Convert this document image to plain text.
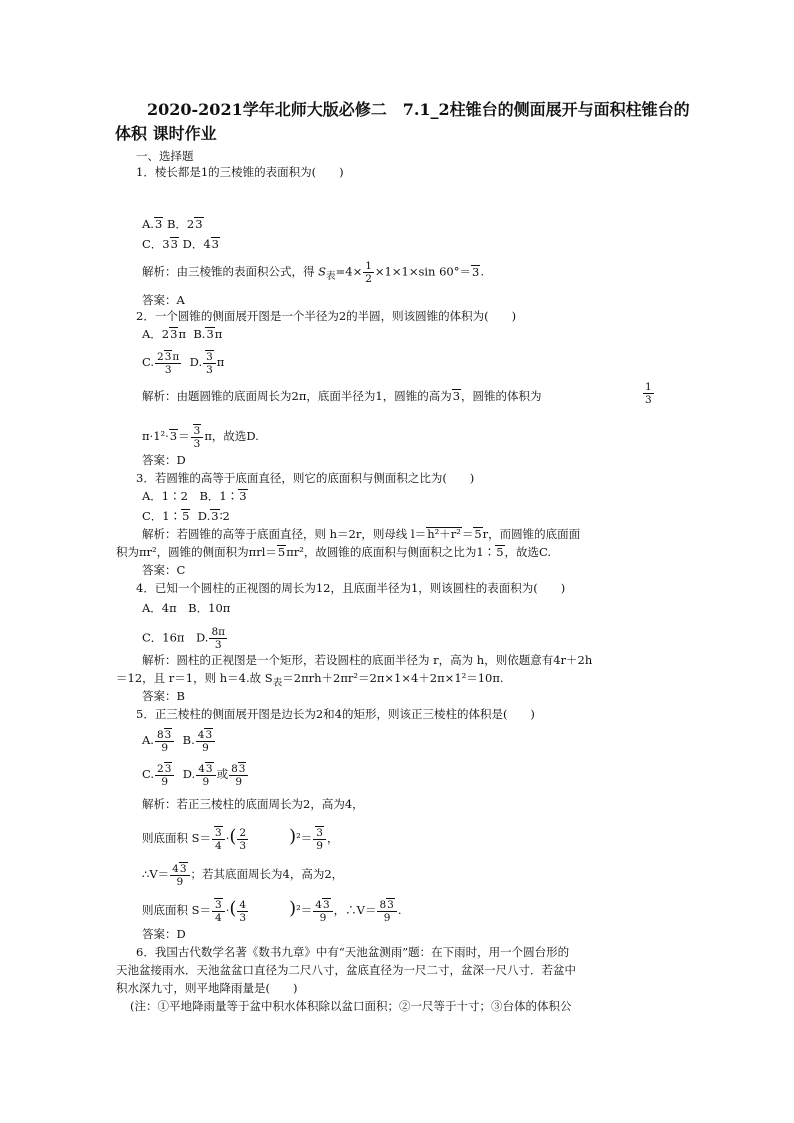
2020-2021学年北师大版必修二　7.1_2柱锥台的侧面展开与面积柱锥台的体积 课时作业
一、选择题
1．棱长都是1的三棱锥的表面积为(　　)
A.3 B．23
C．33 D．43
解析：由三棱锥的表面积公式，得 $S_表=4\times \frac{1}{2} \times 1\times 1\times\sin$ 60°＝3.
答案：A
2．一个圆锥的侧面展开图是一个半径为2的半圆，则该圆锥的体积为(　　)
A．23π B.3π
C. $\frac{23\pi}{3} D$. $\frac{3}{3}$ π
解析：由题圆锥的底面周长为2π，底面半径为1，圆锥的高为3，圆锥的体积为	$\frac{1}{3}$
$\pi\cdot 1^2\cdot 3= \frac{3}{3}$ π，故选D.
答案：D
3．若圆锥的高等于底面直径，则它的底面积与侧面积之比为(　　)
A．1∶2　B．1∶3
C．1∶5 D.3∶2
解析：若圆锥的高等于底面直径，则 h＝2r，则母线 l＝h²＋r²＝5r，而圆锥的底面面
积为πr²，圆锥的侧面积为πrl＝5πr²，故圆锥的底面积与侧面积之比为1∶5，故选C.
答案：C
4．已知一个圆柱的正视图的周长为12，且底面半径为1，则该圆柱的表面积为(　　)
A．4π　B．10π
C．16π　D. $\frac{8\pi}{3}$
解析：圆柱的正视图是一个矩形，若设圆柱的底面半径为 r，高为 h，则依题意有4r＋2h
＝12，且 r＝1，则 h＝4.故 $S_表=2\pi rh+2\pi r^2=2\pi\times 1\times 4+2\pi\times 1^2=10\pi$.
答案：B
5．正三棱柱的侧面展开图是边长为2和4的矩形，则该正三棱柱的体积是(　　)
A. $\frac{83}{9} B$. $\frac{43}{9}$
C. $\frac{23}{9} D$. $\frac{43}{9}$ 或 $\frac{83}{9}$
解析：若正三棱柱的底面周长为2，高为4，
则底面积 $S= \frac{3}{4}$ ·( $\frac{2}{3} )^2= \frac{3}{9}$ ，
∴V＝ $\frac{43}{9}$ ；若其底面周长为4，高为2，
则底面积 $S= \frac{3}{4}$ ·( $\frac{4}{3} )^2= \frac{43}{9}$ ，∴V＝ $\frac{83}{9}$ .
答案：D
6．我国古代数学名著《数书九章》中有“天池盆测雨”题：在下雨时，用一个圆台形的
天池盆接雨水．天池盆盆口直径为二尺八寸，盆底直径为一尺二寸，盆深一尺八寸．若盆中
积水深九寸，则平地降雨量是(　　)
(注：①平地降雨量等于盆中积水体积除以盆口面积；②一尺等于十寸；③台体的体积公
